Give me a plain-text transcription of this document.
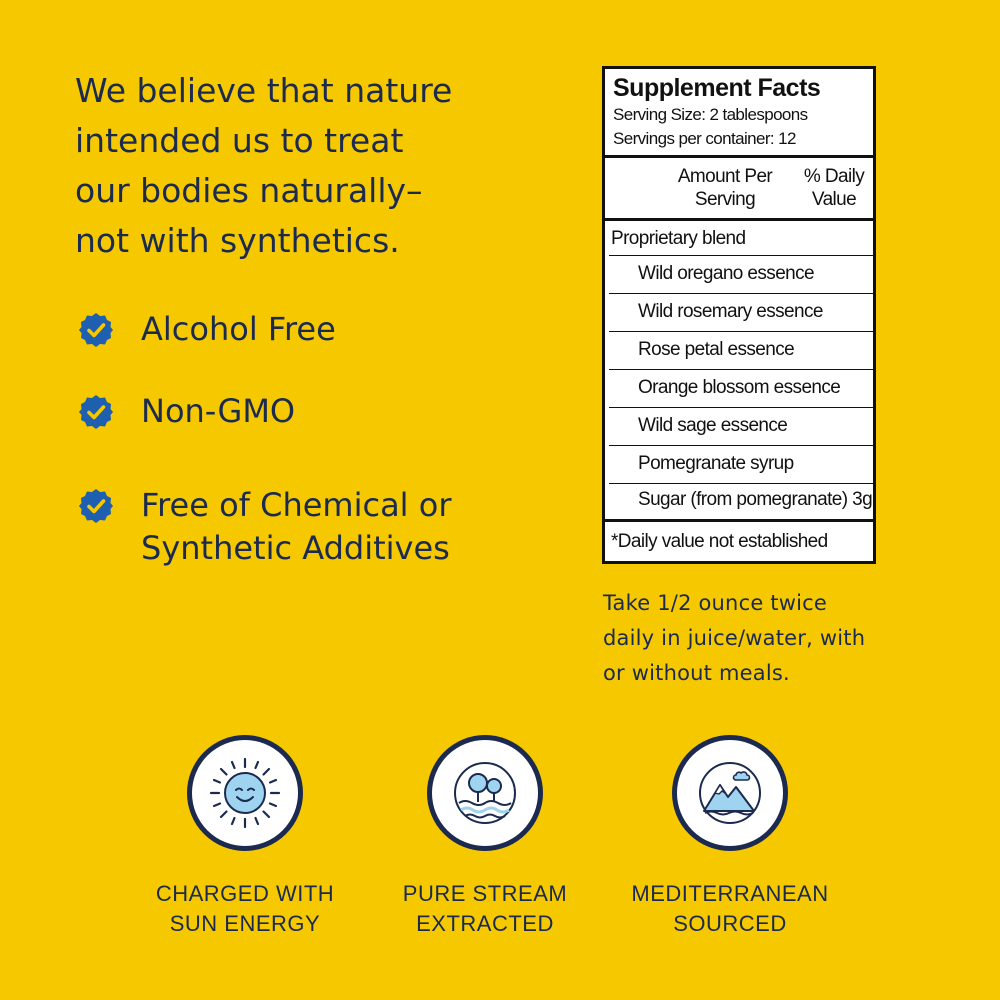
We believe that nature
intended us to treat
our bodies naturally–
not with synthetics.
Alcohol Free
Non-GMO
Free of Chemical or
Synthetic Additives
Supplement Facts
Serving Size: 2 tablespoons
Servings per container: 12
Amount Per
Serving
% Daily
Value
Proprietary blend
Wild oregano essence
Wild rosemary essence
Rose petal essence
Orange blossom essence
Wild sage essence
Pomegranate syrup
Sugar (from pomegranate) 3g
*Daily value not established
Take 1/2 ounce twice
daily in juice/water, with
or without meals.
CHARGED WITH
SUN ENERGY
PURE STREAM
EXTRACTED
MEDITERRANEAN
SOURCED
